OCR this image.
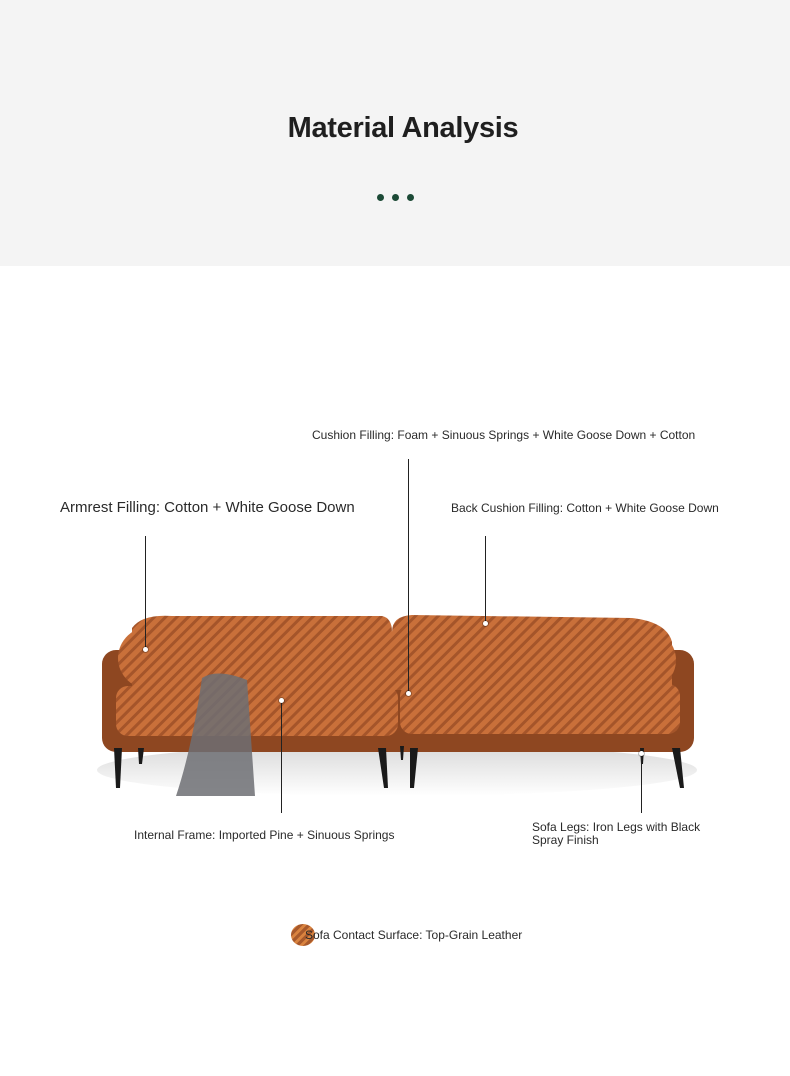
Material Analysis
Cushion Filling: Foam + Sinuous Springs + White Goose Down + Cotton
Armrest Filling: Cotton + White Goose Down	Back Cushion Filling: Cotton + White Goose Down
Internal Frame: Imported Pine + Sinuous Springs
Sofa Legs: Iron Legs with Black Spray Finish
Sofa Contact Surface: Top-Grain Leather
